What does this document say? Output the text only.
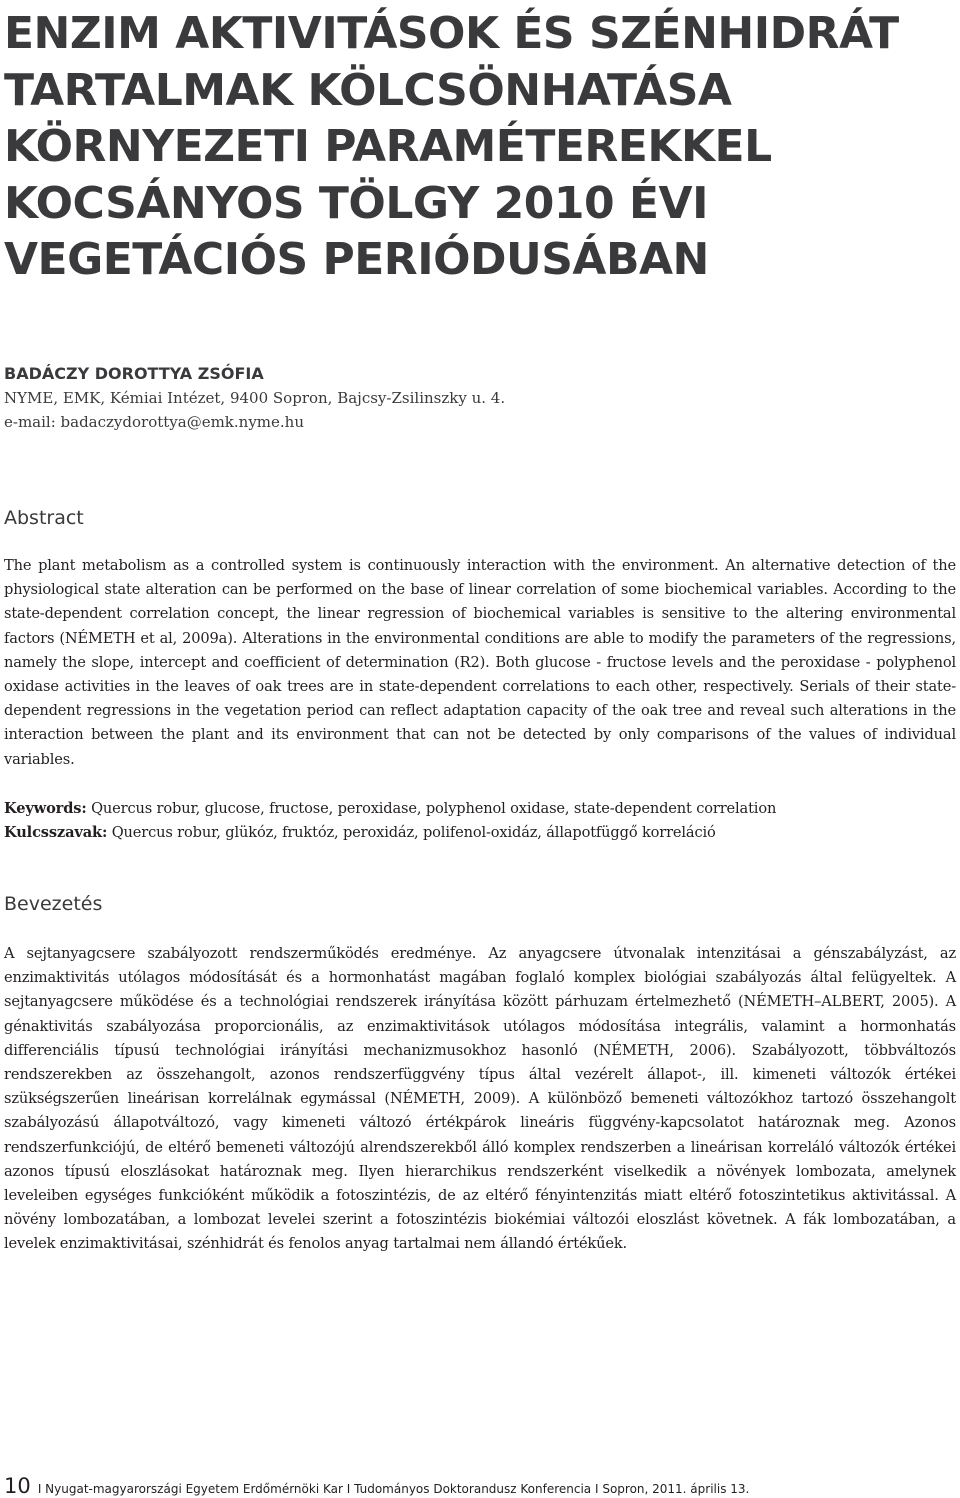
ENZIM AKTIVITÁSOK ÉS SZÉNHIDRÁT
TARTALMAK KÖLCSÖNHATÁSA
KÖRNYEZETI PARAMÉTEREKKEL
KOCSÁNYOS TÖLGY 2010 ÉVI
VEGETÁCIÓS PERIÓDUSÁBAN
BADÁCZY DOROTTYA ZSÓFIA
NYME, EMK, Kémiai Intézet, 9400 Sopron, Bajcsy-Zsilinszky u. 4.
e-mail: badaczydorottya@emk.nyme.hu
Abstract

The plant metabolism as a controlled system is continuously interaction with the environment. An alternative detection of the physiological state alteration can be performed on the base of linear correlation of some biochemical variables. According to the state-dependent correlation concept, the linear regression of biochemical variables is sensitive to the altering environmental factors (NÉMETH et al, 2009a). Alterations in the environmental conditions are able to modify the parameters of the regressions, namely the slope, intercept and coefficient of determination (R2). Both glucose - fructose levels and the peroxidase - polyphenol oxidase activities in the leaves of oak trees are in state-dependent correlations to each other, respectively. Serials of their state-dependent regressions in the vegetation period can reflect adaptation capacity of the oak tree and reveal such alterations in the interaction between the plant and its environment that can not be detected by only comparisons of the values of individual variables.

Keywords: Quercus robur, glucose, fructose, peroxidase, polyphenol oxidase, state-dependent correlation
Kulcsszavak: Quercus robur, glükóz, fruktóz, peroxidáz, polifenol-oxidáz, állapotfüggő korreláció
Bevezetés

A sejtanyagcsere szabályozott rendszerműködés eredménye. Az anyagcsere útvonalak intenzitásai a génszabályzást, az enzimaktivitás utólagos módosítását és a hormonhatást magában foglaló komplex biológiai szabályozás által felügyeltek. A sejtanyagcsere működése és a technológiai rendszerek irányítása között párhuzam értelmezhető (NÉMETH–ALBERT, 2005). A génaktivitás szabályozása proporcionális, az enzimaktivitások utólagos módosítása integrális, valamint a hormonhatás differenciális típusú technológiai irányítási mechanizmusokhoz hasonló (NÉMETH, 2006). Szabályozott, többváltozós rendszerekben az összehangolt, azonos rendszerfüggvény típus által vezérelt állapot-, ill. kimeneti változók értékei szükségszerűen lineárisan korrelálnak egymással (NÉMETH, 2009). A különböző bemeneti változókhoz tartozó összehangolt szabályozású állapotváltozó, vagy kimeneti változó értékpárok lineáris függvény-kapcsolatot határoznak meg. Azonos rendszerfunkciójú, de eltérő bemeneti változójú alrendszerekből álló komplex rendszerben a lineárisan korreláló változók értékei azonos típusú eloszlásokat határoznak meg. Ilyen hierarchikus rendszerként viselkedik a növények lombozata, amelynek leveleiben egységes funkcióként működik a fotoszintézis, de az eltérő fényintenzitás miatt eltérő fotoszintetikus aktivitással. A növény lombozatában, a lombozat levelei szerint a fotoszintézis biokémiai változói eloszlást követnek. A fák lombozatában, a levelek enzimaktivitásai, szénhidrát és fenolos anyag tartalmai nem állandó értékűek.

10 I Nyugat-magyarországi Egyetem Erdőmérnöki Kar I Tudományos Doktorandusz Konferencia I Sopron, 2011. április 13.
